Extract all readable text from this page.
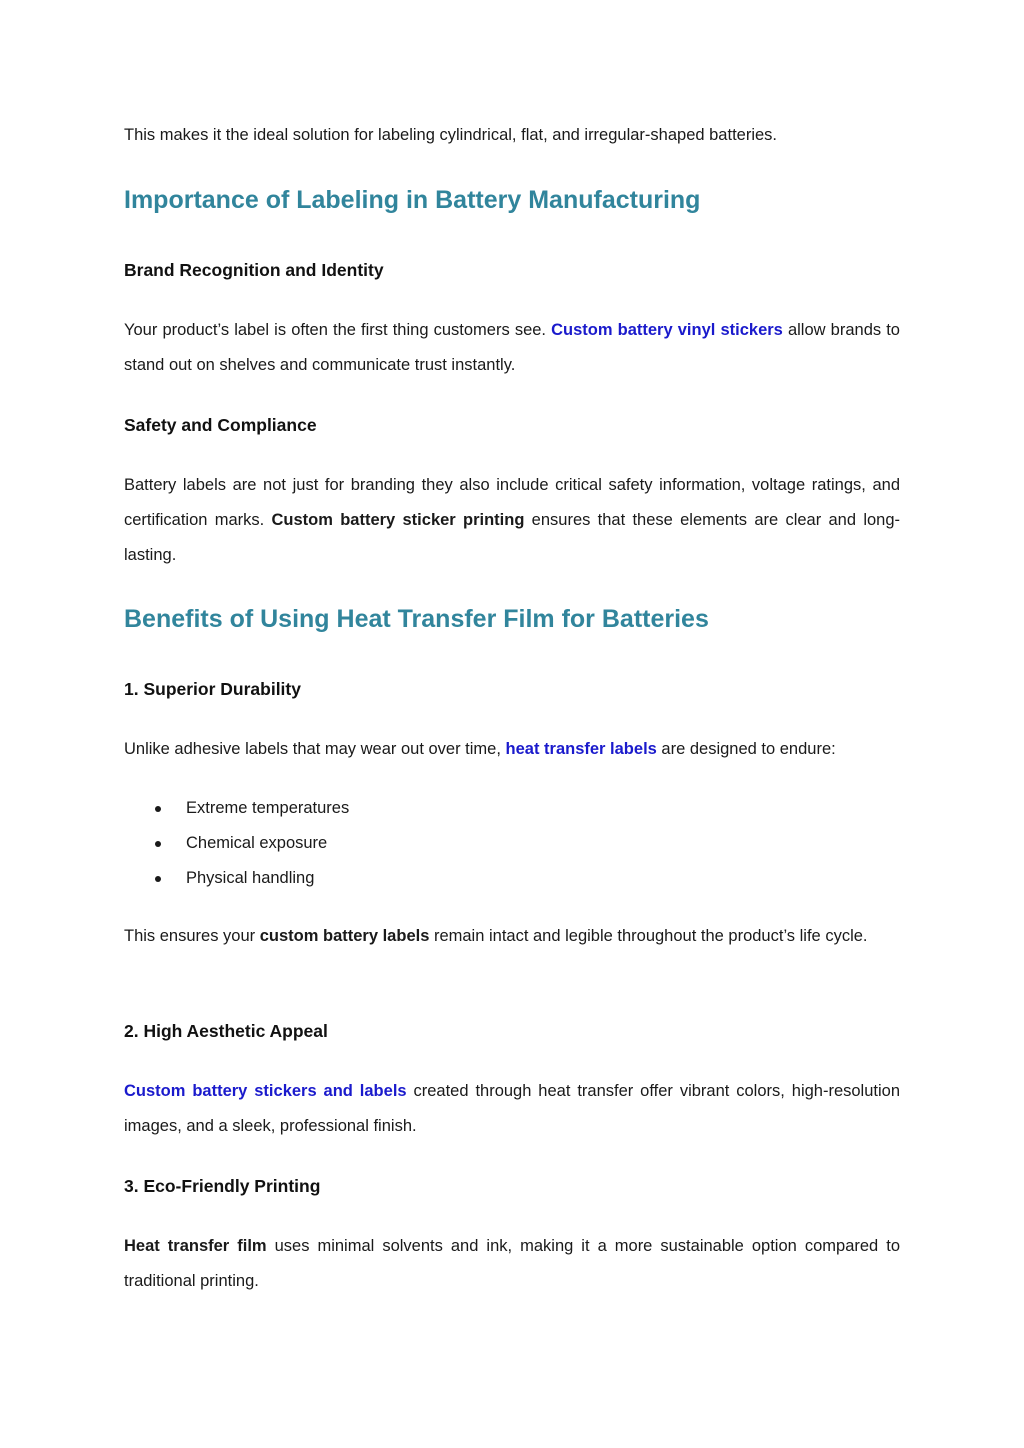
This makes it the ideal solution for labeling cylindrical, flat, and irregular-shaped batteries.

Importance of Labeling in Battery Manufacturing
Brand Recognition and Identity

Your product’s label is often the first thing customers see. Custom battery vinyl stickers allow brands to stand out on shelves and communicate trust instantly.

Safety and Compliance

Battery labels are not just for branding they also include critical safety information, voltage ratings, and certification marks. Custom battery sticker printing ensures that these elements are clear and long-lasting.

Benefits of Using Heat Transfer Film for Batteries
1. Superior Durability

Unlike adhesive labels that may wear out over time, heat transfer labels are designed to endure:

Extreme temperatures
Chemical exposure
Physical handling

This ensures your custom battery labels remain intact and legible throughout the product’s life cycle.

2. High Aesthetic Appeal

Custom battery stickers and labels created through heat transfer offer vibrant colors, high-resolution images, and a sleek, professional finish.

3. Eco-Friendly Printing

Heat transfer film uses minimal solvents and ink, making it a more sustainable option compared to traditional printing.
